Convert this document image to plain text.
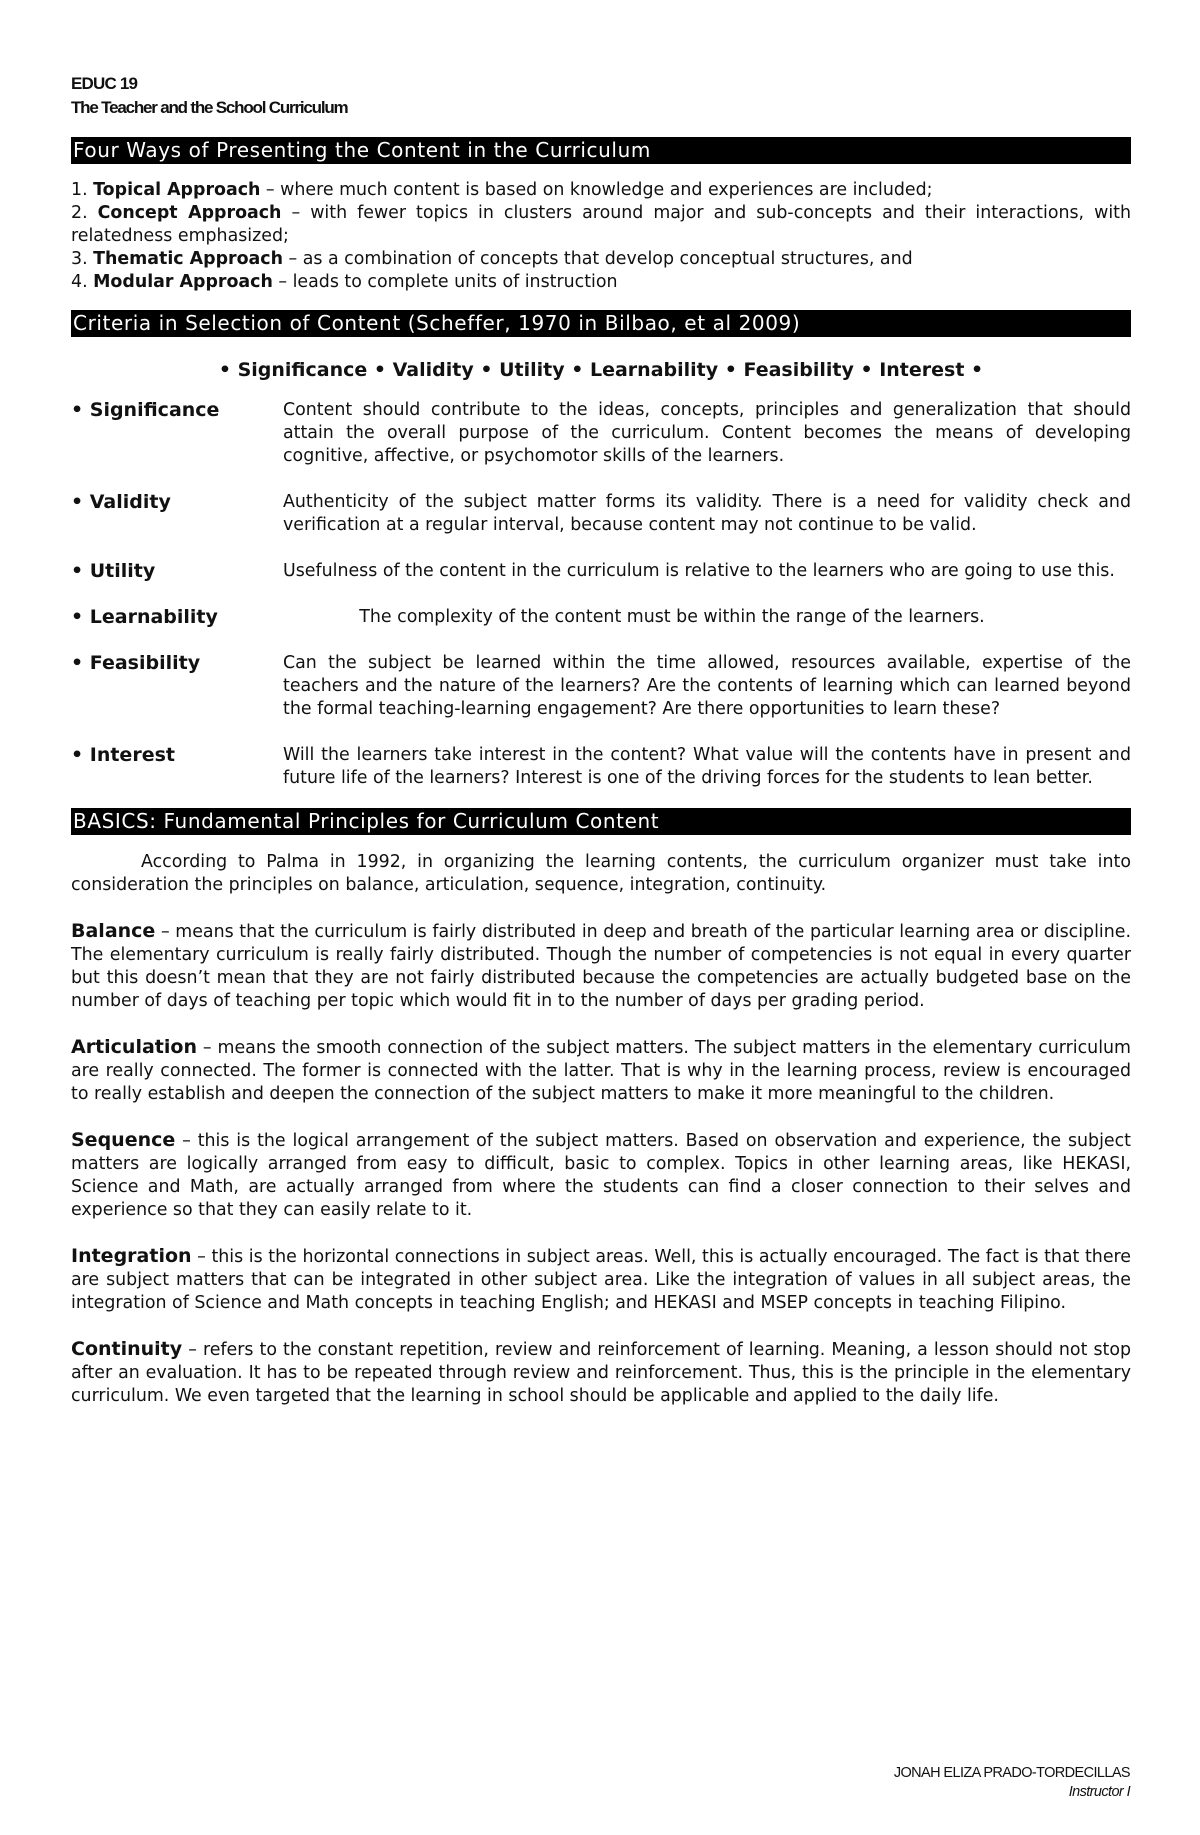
EDUC 19
The Teacher and the School Curriculum
Four Ways of Presenting the Content in the Curriculum
1. Topical Approach – where much content is based on knowledge and experiences are included;
2. Concept Approach – with fewer topics in clusters around major and sub-concepts and their interactions, with relatedness emphasized;
3. Thematic Approach – as a combination of concepts that develop conceptual structures, and
4. Modular Approach – leads to complete units of instruction
Criteria in Selection of Content (Scheffer, 1970 in Bilbao, et al 2009)
• Significance • Validity • Utility • Learnability • Feasibility • Interest •
• Significance	Content should contribute to the ideas, concepts, principles and generalization that should attain the overall purpose of the curriculum. Content becomes the means of developing cognitive, affective, or psychomotor skills of the learners.
• Validity	Authenticity of the subject matter forms its validity. There is a need for validity check and verification at a regular interval, because content may not continue to be valid.
• Utility	Usefulness of the content in the curriculum is relative to the learners who are going to use this.
• Learnability	The complexity of the content must be within the range of the learners.
• Feasibility	Can the subject be learned within the time allowed, resources available, expertise of the teachers and the nature of the learners? Are the contents of learning which can learned beyond the formal teaching-learning engagement? Are there opportunities to learn these?
• Interest	Will the learners take interest in the content? What value will the contents have in present and future life of the learners? Interest is one of the driving forces for the students to lean better.
BASICS: Fundamental Principles for Curriculum Content
According to Palma in 1992, in organizing the learning contents, the curriculum organizer must take into consideration the principles on balance, articulation, sequence, integration, continuity.
Balance – means that the curriculum is fairly distributed in deep and breath of the particular learning area or discipline. The elementary curriculum is really fairly distributed. Though the number of competencies is not equal in every quarter but this doesn’t mean that they are not fairly distributed because the competencies are actually budgeted base on the number of days of teaching per topic which would fit in to the number of days per grading period.
Articulation – means the smooth connection of the subject matters. The subject matters in the elementary curriculum are really connected. The former is connected with the latter. That is why in the learning process, review is encouraged to really establish and deepen the connection of the subject matters to make it more meaningful to the children.
Sequence – this is the logical arrangement of the subject matters. Based on observation and experience, the subject matters are logically arranged from easy to difficult, basic to complex. Topics in other learning areas, like HEKASI, Science and Math, are actually arranged from where the students can find a closer connection to their selves and experience so that they can easily relate to it.
Integration – this is the horizontal connections in subject areas. Well, this is actually encouraged. The fact is that there are subject matters that can be integrated in other subject area. Like the integration of values in all subject areas, the integration of Science and Math concepts in teaching English; and HEKASI and MSEP concepts in teaching Filipino.
Continuity – refers to the constant repetition, review and reinforcement of learning. Meaning, a lesson should not stop after an evaluation. It has to be repeated through review and reinforcement. Thus, this is the principle in the elementary curriculum. We even targeted that the learning in school should be applicable and applied to the daily life.
JONAH ELIZA PRADO-TORDECILLAS
Instructor I
